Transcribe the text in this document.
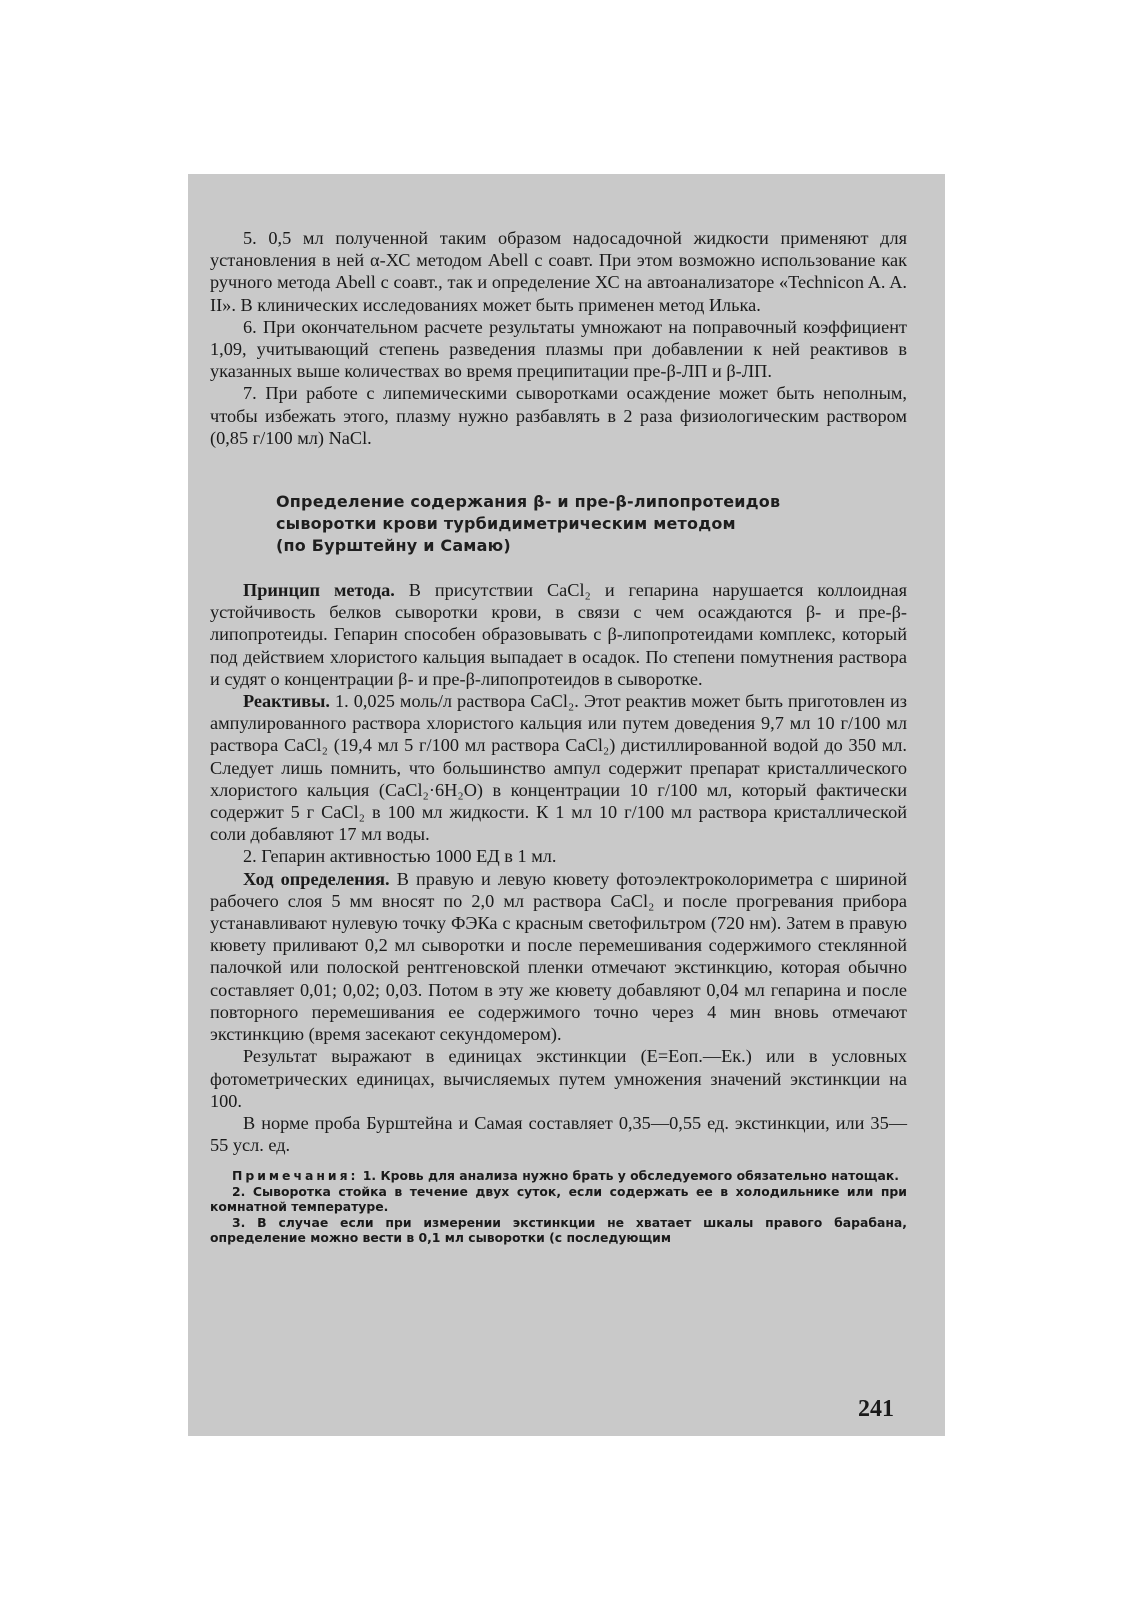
5. 0,5 мл полученной таким образом надосадочной жидкости применяют для установления в ней α-ХС методом Abell с соавт. При этом возможно использование как ручного метода Abell с соавт., так и определение ХС на автоанализаторе «Technicon A. A. II». В клинических исследованиях может быть применен метод Илька.

6. При окончательном расчете результаты умножают на поправочный коэффициент 1,09, учитывающий степень разведения плазмы при добавлении к ней реактивов в указанных выше количествах во время преципитации пре-β-ЛП и β-ЛП.

7. При работе с липемическими сыворотками осаждение может быть неполным, чтобы избежать этого, плазму нужно разбавлять в 2 раза физиологическим раствором (0,85 г/100 мл) NaCl.

Определение содержания β- и пре-β-липопротеидов
сыворотки крови турбидиметрическим методом
(по Бурштейну и Самаю)

Принцип метода. В присутствии CaCl₂ и гепарина нарушается коллоидная устойчивость белков сыворотки крови, в связи с чем осаждаются β- и пре-β-липопротеиды. Гепарин способен образовывать с β-липопротеидами комплекс, который под действием хлористого кальция выпадает в осадок. По степени помутнения раствора и судят о концентрации β- и пре-β-липопротеидов в сыворотке.

Реактивы. 1. 0,025 моль/л раствора CaCl₂. Этот реактив может быть приготовлен из ампулированного раствора хлористого кальция или путем доведения 9,7 мл 10 г/100 мл раствора CaCl₂ (19,4 мл 5 г/100 мл раствора CaCl₂) дистиллированной водой до 350 мл. Следует лишь помнить, что большинство ампул содержит препарат кристаллического хлористого кальция (CaCl₂·6H₂O) в концентрации 10 г/100 мл, который фактически содержит 5 г CaCl₂ в 100 мл жидкости. К 1 мл 10 г/100 мл раствора кристаллической соли добавляют 17 мл воды.

2. Гепарин активностью 1000 ЕД в 1 мл.

Ход определения. В правую и левую кювету фотоэлектроколориметра с шириной рабочего слоя 5 мм вносят по 2,0 мл раствора CaCl₂ и после прогревания прибора устанавливают нулевую точку ФЭКа с красным светофильтром (720 нм). Затем в правую кювету приливают 0,2 мл сыворотки и после перемешивания содержимого стеклянной палочкой или полоской рентгеновской пленки отмечают экстинкцию, которая обычно составляет 0,01; 0,02; 0,03. Потом в эту же кювету добавляют 0,04 мл гепарина и после повторного перемешивания ее содержимого точно через 4 мин вновь отмечают экстинкцию (время засекают секундомером).

Результат выражают в единицах экстинкции (E=Eоп.—Eк.) или в условных фотометрических единицах, вычисляемых путем умножения значений экстинкции на 100.

В норме проба Бурштейна и Самая составляет 0,35—0,55 ед. экстинкции, или 35—55 усл. ед.

Примечания: 1. Кровь для анализа нужно брать у обследуемого обязательно натощак.

2. Сыворотка стойка в течение двух суток, если содержать ее в холодильнике или при комнатной температуре.

3. В случае если при измерении экстинкции не хватает шкалы правого барабана, определение можно вести в 0,1 мл сыворотки (с последующим

241
